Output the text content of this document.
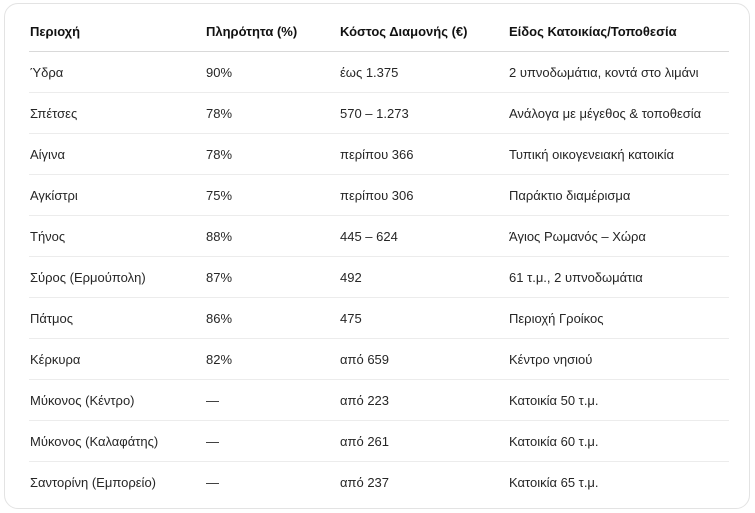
Περιοχή	Πληρότητα (%)	Κόστος Διαμονής (€)	Είδος Κατοικίας/Τοποθεσία
Ύδρα	90%	έως 1.375	2 υπνοδωμάτια, κοντά στο λιμάνι
Σπέτσες	78%	570 – 1.273	Ανάλογα με μέγεθος & τοποθεσία
Αίγινα	78%	περίπου 366	Τυπική οικογενειακή κατοικία
Αγκίστρι	75%	περίπου 306	Παράκτιο διαμέρισμα
Τήνος	88%	445 – 624	Άγιος Ρωμανός – Χώρα
Σύρος (Ερμούπολη)	87%	492	61 τ.μ., 2 υπνοδωμάτια
Πάτμος	86%	475	Περιοχή Γροίκος
Κέρκυρα	82%	από 659	Κέντρο νησιού
Μύκονος (Κέντρο)	—	από 223	Κατοικία 50 τ.μ.
Μύκονος (Καλαφάτης)	—	από 261	Κατοικία 60 τ.μ.
Σαντορίνη (Εμπορείο)	—	από 237	Κατοικία 65 τ.μ.
